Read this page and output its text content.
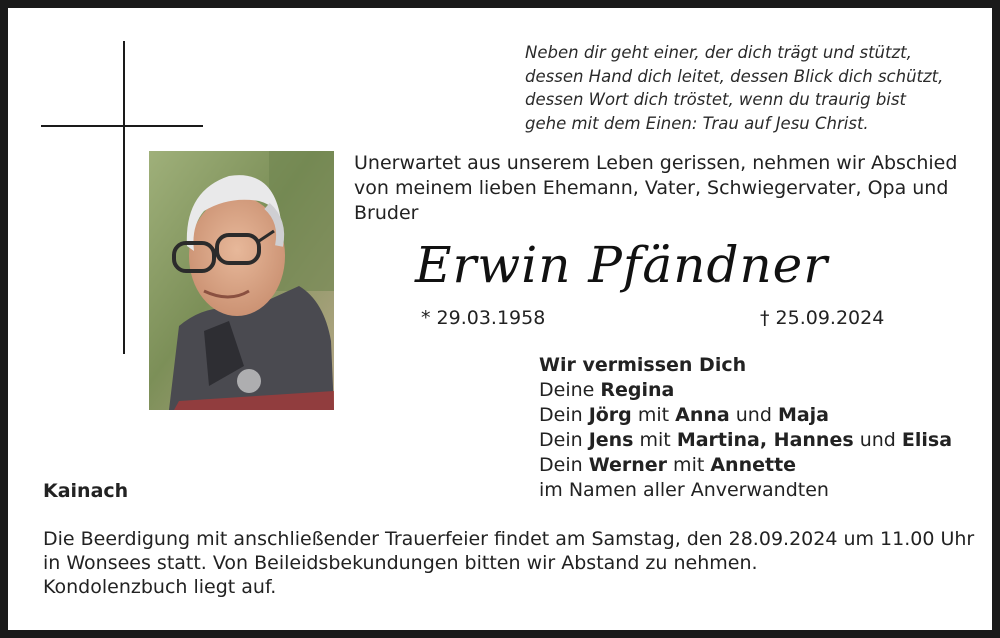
Neben dir geht einer, der dich trägt und stützt,
dessen Hand dich leitet, dessen Blick dich schützt,
dessen Wort dich tröstet, wenn du traurig bist
gehe mit dem Einen: Trau auf Jesu Christ.

Unerwartet aus unserem Leben gerissen, nehmen wir Abschied

von meinem lieben Ehemann, Vater, Schwiegervater, Opa und

Bruder

Erwin Pfändner
* 29.03.1958	† 25.09.2024
Wir vermissen Dich
Deine Regina
Dein Jörg mit Anna und Maja
Dein Jens mit Martina, Hannes und Elisa
Dein Werner mit Annette
im Namen aller Anverwandten
Kainach

Die Beerdigung mit anschließender Trauerfeier findet am Samstag, den 28.09.2024 um 11.00 Uhr

in Wonsees statt. Von Beileidsbekundungen bitten wir Abstand zu nehmen.

Kondolenzbuch liegt auf.
